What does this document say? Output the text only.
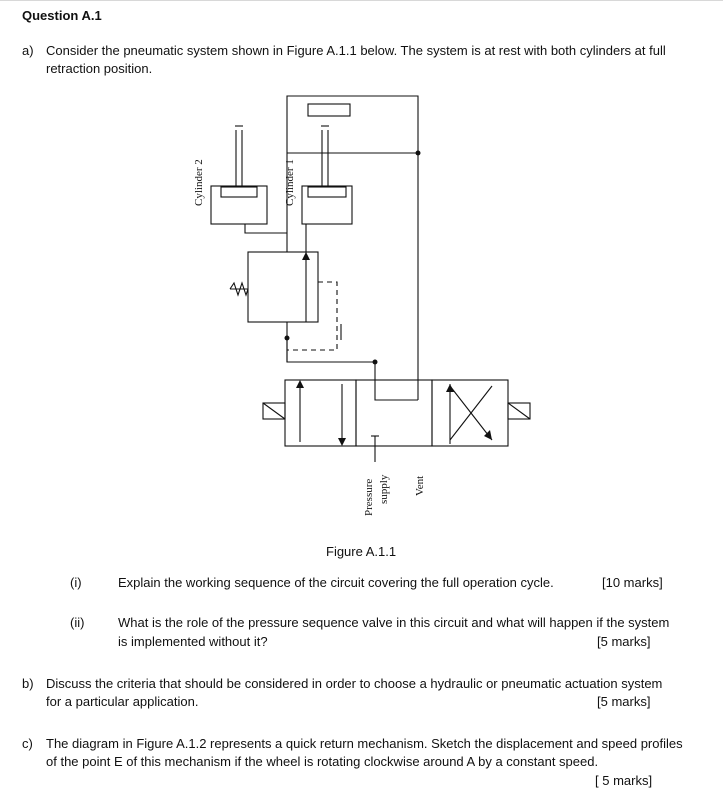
Question A.1
a) Consider the pneumatic system shown in Figure A.1.1 below. The system is at rest with both cylinders at full
retraction position.
Cylinder 2	Cylinder 1
Pressure supply Vent
Figure A.1.1
(i)	Explain the working sequence of the circuit covering the full operation cycle.	[10 marks]
(ii)	What is the role of the pressure sequence valve in this circuit and what will happen if the system
is implemented without it?	[5 marks]
b) Discuss the criteria that should be considered in order to choose a hydraulic or pneumatic actuation system
for a particular application.	[5 marks]
c) The diagram in Figure A.1.2 represents a quick return mechanism. Sketch the displacement and speed profiles
of the point E of this mechanism if the wheel is rotating clockwise around A by a constant speed.
[ 5 marks]
